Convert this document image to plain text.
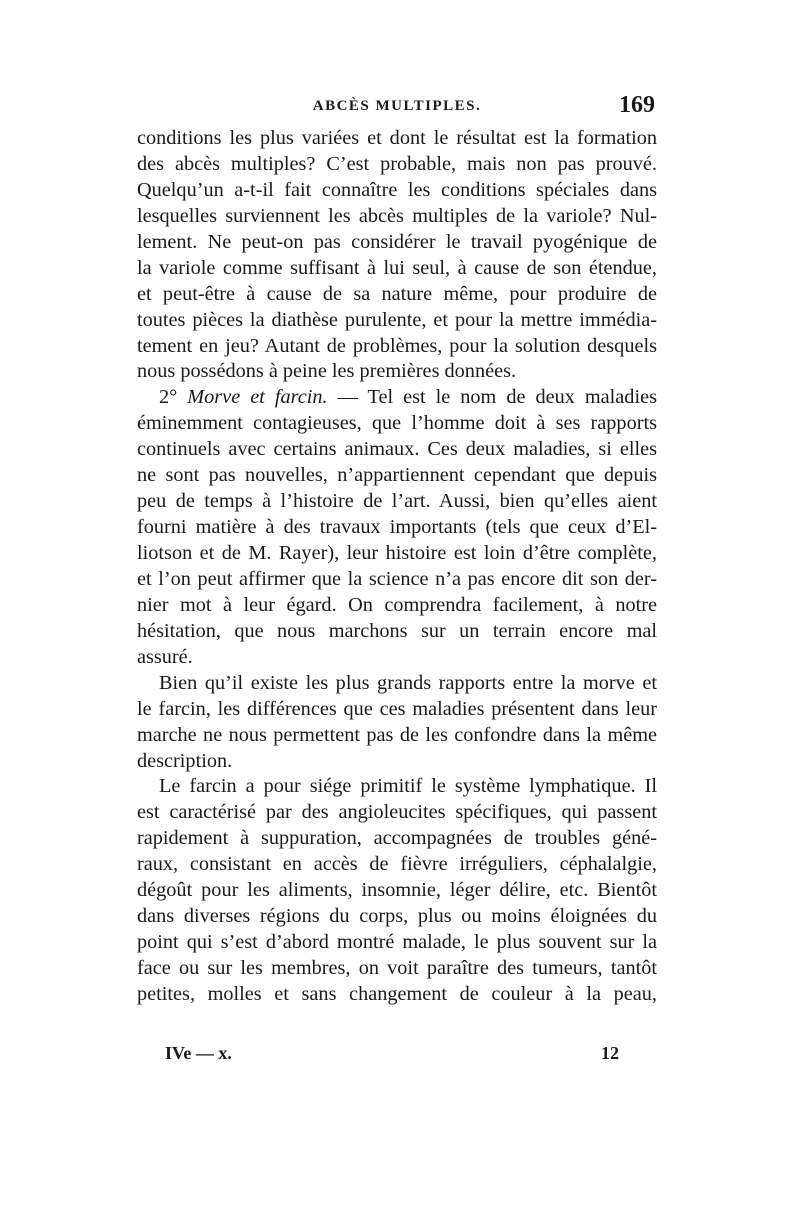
ABCÈS MULTIPLES.	169
conditions les plus variées et dont le résultat est la formation
des abcès multiples? C’est probable, mais non pas prouvé.
Quelqu’un a-t-il fait connaître les conditions spéciales dans
lesquelles surviennent les abcès multiples de la variole? Nul-
lement. Ne peut-on pas considérer le travail pyogénique de
la variole comme suffisant à lui seul, à cause de son étendue,
et peut-être à cause de sa nature même, pour produire de
toutes pièces la diathèse purulente, et pour la mettre immédia-
tement en jeu? Autant de problèmes, pour la solution desquels
nous possédons à peine les premières données.
2° Morve et farcin. — Tel est le nom de deux maladies
éminemment contagieuses, que l’homme doit à ses rapports
continuels avec certains animaux. Ces deux maladies, si elles
ne sont pas nouvelles, n’appartiennent cependant que depuis
peu de temps à l’histoire de l’art. Aussi, bien qu’elles aient
fourni matière à des travaux importants (tels que ceux d’El-
liotson et de M. Rayer), leur histoire est loin d’être complète,
et l’on peut affirmer que la science n’a pas encore dit son der-
nier mot à leur égard. On comprendra facilement, à notre
hésitation, que nous marchons sur un terrain encore mal
assuré.
Bien qu’il existe les plus grands rapports entre la morve et
le farcin, les différences que ces maladies présentent dans leur
marche ne nous permettent pas de les confondre dans la même
description.
Le farcin a pour siége primitif le système lymphatique. Il
est caractérisé par des angioleucites spécifiques, qui passent
rapidement à suppuration, accompagnées de troubles géné-
raux, consistant en accès de fièvre irréguliers, céphalalgie,
dégoût pour les aliments, insomnie, léger délire, etc. Bientôt
dans diverses régions du corps, plus ou moins éloignées du
point qui s’est d’abord montré malade, le plus souvent sur la
face ou sur les membres, on voit paraître des tumeurs, tantôt
petites, molles et sans changement de couleur à la peau,
IVe — x.	12
